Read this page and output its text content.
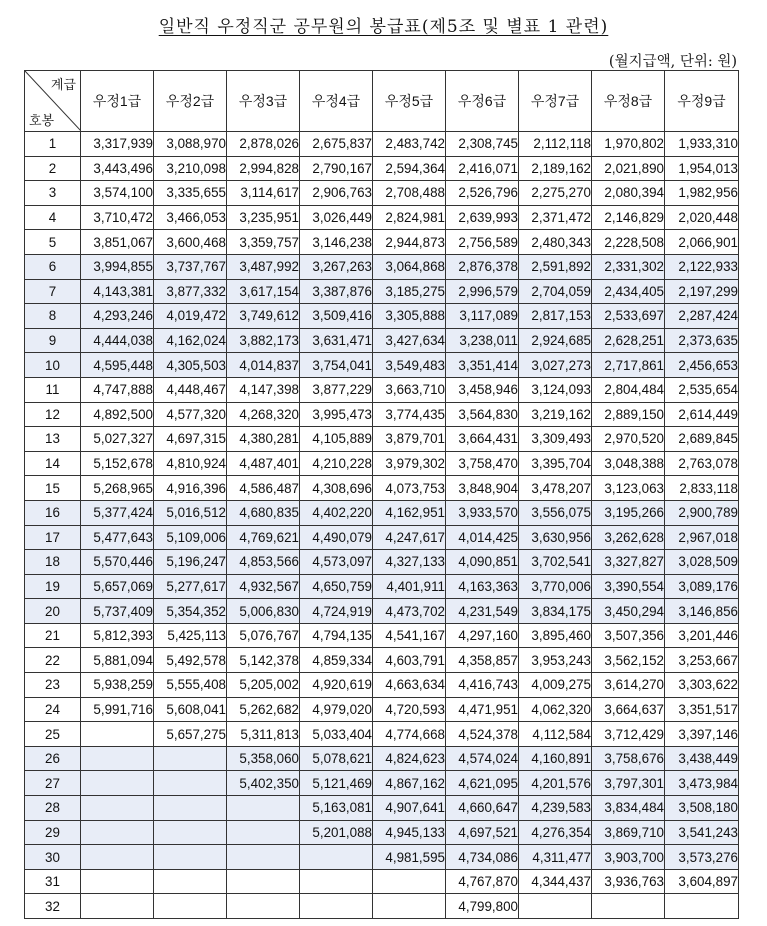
일반직 우정직군 공무원의 봉급표(제5조 및 별표 1 관련)
(월지급액, 단위: 원)
계급
호봉	우정1급	우정2급	우정3급	우정4급	우정5급	우정6급	우정7급	우정8급	우정9급
1	3,317,939	3,088,970	2,878,026	2,675,837	2,483,742	2,308,745	2,112,118	1,970,802	1,933,310
2	3,443,496	3,210,098	2,994,828	2,790,167	2,594,364	2,416,071	2,189,162	2,021,890	1,954,013
3	3,574,100	3,335,655	3,114,617	2,906,763	2,708,488	2,526,796	2,275,270	2,080,394	1,982,956
4	3,710,472	3,466,053	3,235,951	3,026,449	2,824,981	2,639,993	2,371,472	2,146,829	2,020,448
5	3,851,067	3,600,468	3,359,757	3,146,238	2,944,873	2,756,589	2,480,343	2,228,508	2,066,901
6	3,994,855	3,737,767	3,487,992	3,267,263	3,064,868	2,876,378	2,591,892	2,331,302	2,122,933
7	4,143,381	3,877,332	3,617,154	3,387,876	3,185,275	2,996,579	2,704,059	2,434,405	2,197,299
8	4,293,246	4,019,472	3,749,612	3,509,416	3,305,888	3,117,089	2,817,153	2,533,697	2,287,424
9	4,444,038	4,162,024	3,882,173	3,631,471	3,427,634	3,238,011	2,924,685	2,628,251	2,373,635
10	4,595,448	4,305,503	4,014,837	3,754,041	3,549,483	3,351,414	3,027,273	2,717,861	2,456,653
11	4,747,888	4,448,467	4,147,398	3,877,229	3,663,710	3,458,946	3,124,093	2,804,484	2,535,654
12	4,892,500	4,577,320	4,268,320	3,995,473	3,774,435	3,564,830	3,219,162	2,889,150	2,614,449
13	5,027,327	4,697,315	4,380,281	4,105,889	3,879,701	3,664,431	3,309,493	2,970,520	2,689,845
14	5,152,678	4,810,924	4,487,401	4,210,228	3,979,302	3,758,470	3,395,704	3,048,388	2,763,078
15	5,268,965	4,916,396	4,586,487	4,308,696	4,073,753	3,848,904	3,478,207	3,123,063	2,833,118
16	5,377,424	5,016,512	4,680,835	4,402,220	4,162,951	3,933,570	3,556,075	3,195,266	2,900,789
17	5,477,643	5,109,006	4,769,621	4,490,079	4,247,617	4,014,425	3,630,956	3,262,628	2,967,018
18	5,570,446	5,196,247	4,853,566	4,573,097	4,327,133	4,090,851	3,702,541	3,327,827	3,028,509
19	5,657,069	5,277,617	4,932,567	4,650,759	4,401,911	4,163,363	3,770,006	3,390,554	3,089,176
20	5,737,409	5,354,352	5,006,830	4,724,919	4,473,702	4,231,549	3,834,175	3,450,294	3,146,856
21	5,812,393	5,425,113	5,076,767	4,794,135	4,541,167	4,297,160	3,895,460	3,507,356	3,201,446
22	5,881,094	5,492,578	5,142,378	4,859,334	4,603,791	4,358,857	3,953,243	3,562,152	3,253,667
23	5,938,259	5,555,408	5,205,002	4,920,619	4,663,634	4,416,743	4,009,275	3,614,270	3,303,622
24	5,991,716	5,608,041	5,262,682	4,979,020	4,720,593	4,471,951	4,062,320	3,664,637	3,351,517
25		5,657,275	5,311,813	5,033,404	4,774,668	4,524,378	4,112,584	3,712,429	3,397,146
26			5,358,060	5,078,621	4,824,623	4,574,024	4,160,891	3,758,676	3,438,449
27			5,402,350	5,121,469	4,867,162	4,621,095	4,201,576	3,797,301	3,473,984
28				5,163,081	4,907,641	4,660,647	4,239,583	3,834,484	3,508,180
29				5,201,088	4,945,133	4,697,521	4,276,354	3,869,710	3,541,243
30					4,981,595	4,734,086	4,311,477	3,903,700	3,573,276
31						4,767,870	4,344,437	3,936,763	3,604,897
32						4,799,800			
